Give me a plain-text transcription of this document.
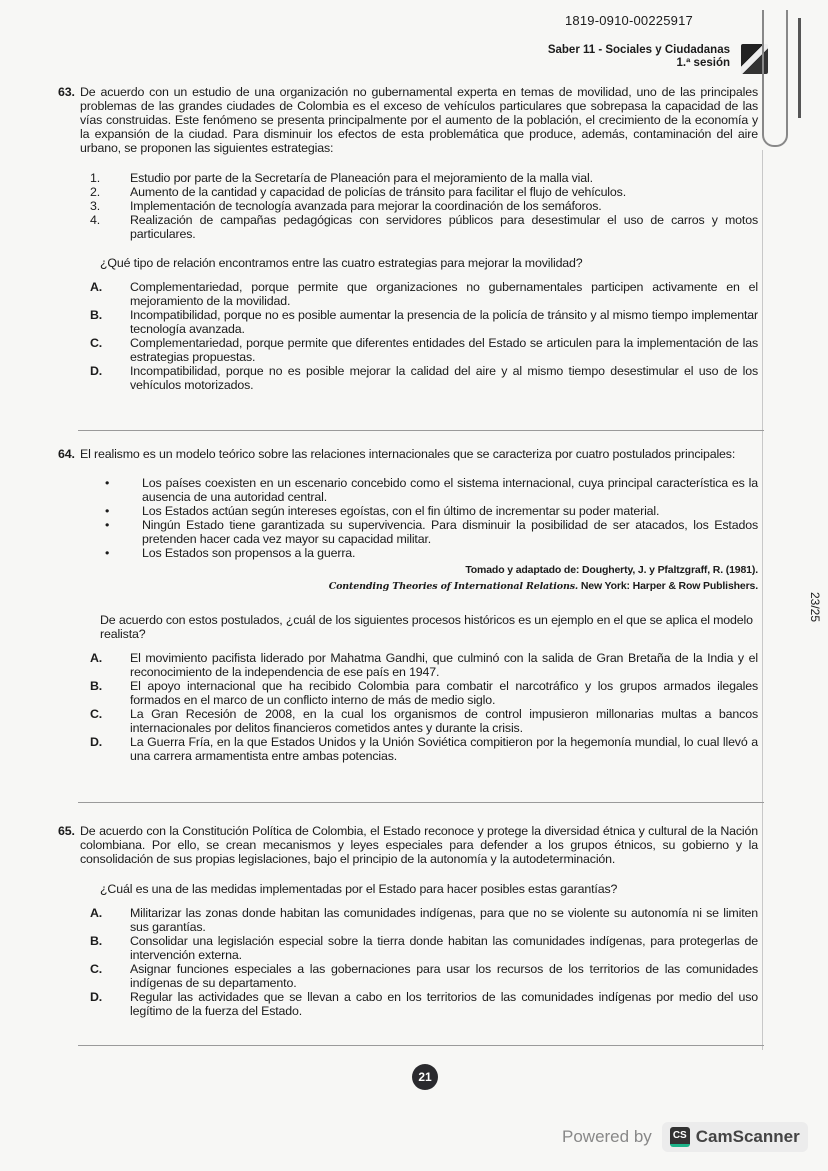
1819-0910-00225917
Saber 11 - Sociales y Ciudadanas
1.ª sesión
23/25
63. De acuerdo con un estudio de una organización no gubernamental experta en temas de movilidad, uno de las principales problemas de las grandes ciudades de Colombia es el exceso de vehículos particulares que sobrepasa la capacidad de las vías construidas. Este fenómeno se presenta principalmente por el aumento de la población, el crecimiento de la economía y la expansión de la ciudad. Para disminuir los efectos de esta problemática que produce, además, contaminación del aire urbano, se proponen las siguientes estrategias:
1. Estudio por parte de la Secretaría de Planeación para el mejoramiento de la malla vial.
2. Aumento de la cantidad y capacidad de policías de tránsito para facilitar el flujo de vehículos.
3. Implementación de tecnología avanzada para mejorar la coordinación de los semáforos.
4. Realización de campañas pedagógicas con servidores públicos para desestimular el uso de carros y motos particulares.
¿Qué tipo de relación encontramos entre las cuatro estrategias para mejorar la movilidad?
A. Complementariedad, porque permite que organizaciones no gubernamentales participen activamente en el mejoramiento de la movilidad.
B. Incompatibilidad, porque no es posible aumentar la presencia de la policía de tránsito y al mismo tiempo implementar tecnología avanzada.
C. Complementariedad, porque permite que diferentes entidades del Estado se articulen para la implementación de las estrategias propuestas.
D. Incompatibilidad, porque no es posible mejorar la calidad del aire y al mismo tiempo desestimular el uso de los vehículos motorizados.
64. El realismo es un modelo teórico sobre las relaciones internacionales que se caracteriza por cuatro postulados principales:
•	Los países coexisten en un escenario concebido como el sistema internacional, cuya principal característica es la ausencia de una autoridad central.
•	Los Estados actúan según intereses egoístas, con el fin último de incrementar su poder material.
•	Ningún Estado tiene garantizada su supervivencia. Para disminuir la posibilidad de ser atacados, los Estados pretenden hacer cada vez mayor su capacidad militar.
•	Los Estados son propensos a la guerra.
Tomado y adaptado de: Dougherty, J. y Pfaltzgraff, R. (1981).
Contending Theories of International Relations. New York: Harper & Row Publishers.
De acuerdo con estos postulados, ¿cuál de los siguientes procesos históricos es un ejemplo en el que se aplica el modelo realista?
A. El movimiento pacifista liderado por Mahatma Gandhi, que culminó con la salida de Gran Bretaña de la India y el reconocimiento de la independencia de ese país en 1947.
B. El apoyo internacional que ha recibido Colombia para combatir el narcotráfico y los grupos armados ilegales formados en el marco de un conflicto interno de más de medio siglo.
C. La Gran Recesión de 2008, en la cual los organismos de control impusieron millonarias multas a bancos internacionales por delitos financieros cometidos antes y durante la crisis.
D. La Guerra Fría, en la que Estados Unidos y la Unión Soviética compitieron por la hegemonía mundial, lo cual llevó a una carrera armamentista entre ambas potencias.
65. De acuerdo con la Constitución Política de Colombia, el Estado reconoce y protege la diversidad étnica y cultural de la Nación colombiana. Por ello, se crean mecanismos y leyes especiales para defender a los grupos étnicos, su gobierno y la consolidación de sus propias legislaciones, bajo el principio de la autonomía y la autodeterminación.
¿Cuál es una de las medidas implementadas por el Estado para hacer posibles estas garantías?
A. Militarizar las zonas donde habitan las comunidades indígenas, para que no se violente su autonomía ni se limiten sus garantías.
B. Consolidar una legislación especial sobre la tierra donde habitan las comunidades indígenas, para protegerlas de intervención externa.
C. Asignar funciones especiales a las gobernaciones para usar los recursos de los territorios de las comunidades indígenas de su departamento.
D. Regular las actividades que se llevan a cabo en los territorios de las comunidades indígenas por medio del uso legítimo de la fuerza del Estado.
21
Powered by	CS CamScanner
